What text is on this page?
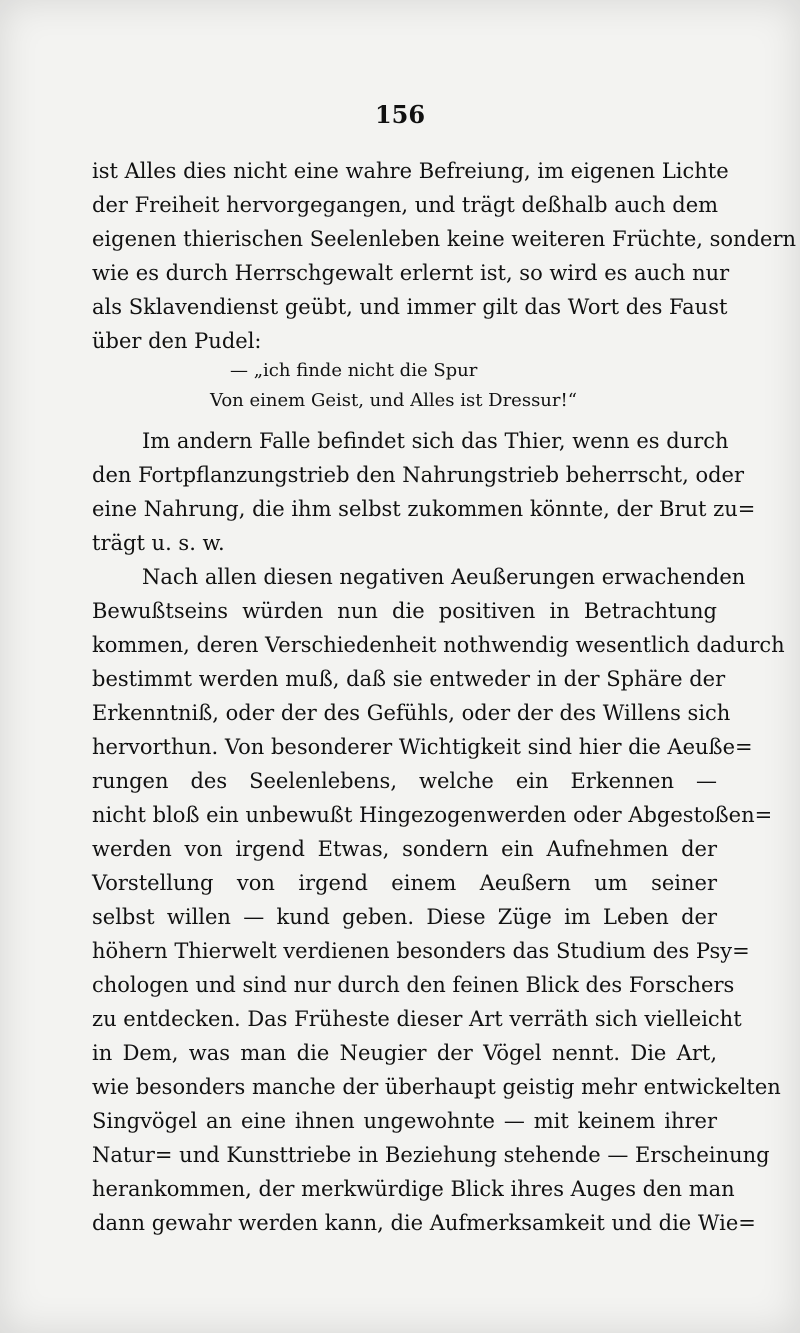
156
ist Alles dies nicht eine wahre Befreiung, im eigenen Lichte
der Freiheit hervorgegangen, und trägt deßhalb auch dem
eigenen thierischen Seelenleben keine weiteren Früchte, sondern
wie es durch Herrschgewalt erlernt ist, so wird es auch nur
als Sklavendienst geübt, und immer gilt das Wort des Faust
über den Pudel:
— „ich finde nicht die Spur
Von einem Geist, und Alles ist Dressur!“
Im andern Falle befindet sich das Thier, wenn es durch
den Fortpflanzungstrieb den Nahrungstrieb beherrscht, oder
eine Nahrung, die ihm selbst zukommen könnte, der Brut zu=
trägt u. s. w.
Nach allen diesen negativen Aeußerungen erwachenden
Bewußtseins würden nun die positiven in Betrachtung
kommen, deren Verschiedenheit nothwendig wesentlich dadurch
bestimmt werden muß, daß sie entweder in der Sphäre der
Erkenntniß, oder der des Gefühls, oder der des Willens sich
hervorthun. Von besonderer Wichtigkeit sind hier die Aeuße=
rungen des Seelenlebens, welche ein Erkennen —
nicht bloß ein unbewußt Hingezogenwerden oder Abgestoßen=
werden von irgend Etwas, sondern ein Aufnehmen der
Vorstellung von irgend einem Aeußern um seiner
selbst willen — kund geben. Diese Züge im Leben der
höhern Thierwelt verdienen besonders das Studium des Psy=
chologen und sind nur durch den feinen Blick des Forschers
zu entdecken. Das Früheste dieser Art verräth sich vielleicht
in Dem, was man die Neugier der Vögel nennt. Die Art,
wie besonders manche der überhaupt geistig mehr entwickelten
Singvögel an eine ihnen ungewohnte — mit keinem ihrer
Natur= und Kunsttriebe in Beziehung stehende — Erscheinung
herankommen, der merkwürdige Blick ihres Auges den man
dann gewahr werden kann, die Aufmerksamkeit und die Wie=
